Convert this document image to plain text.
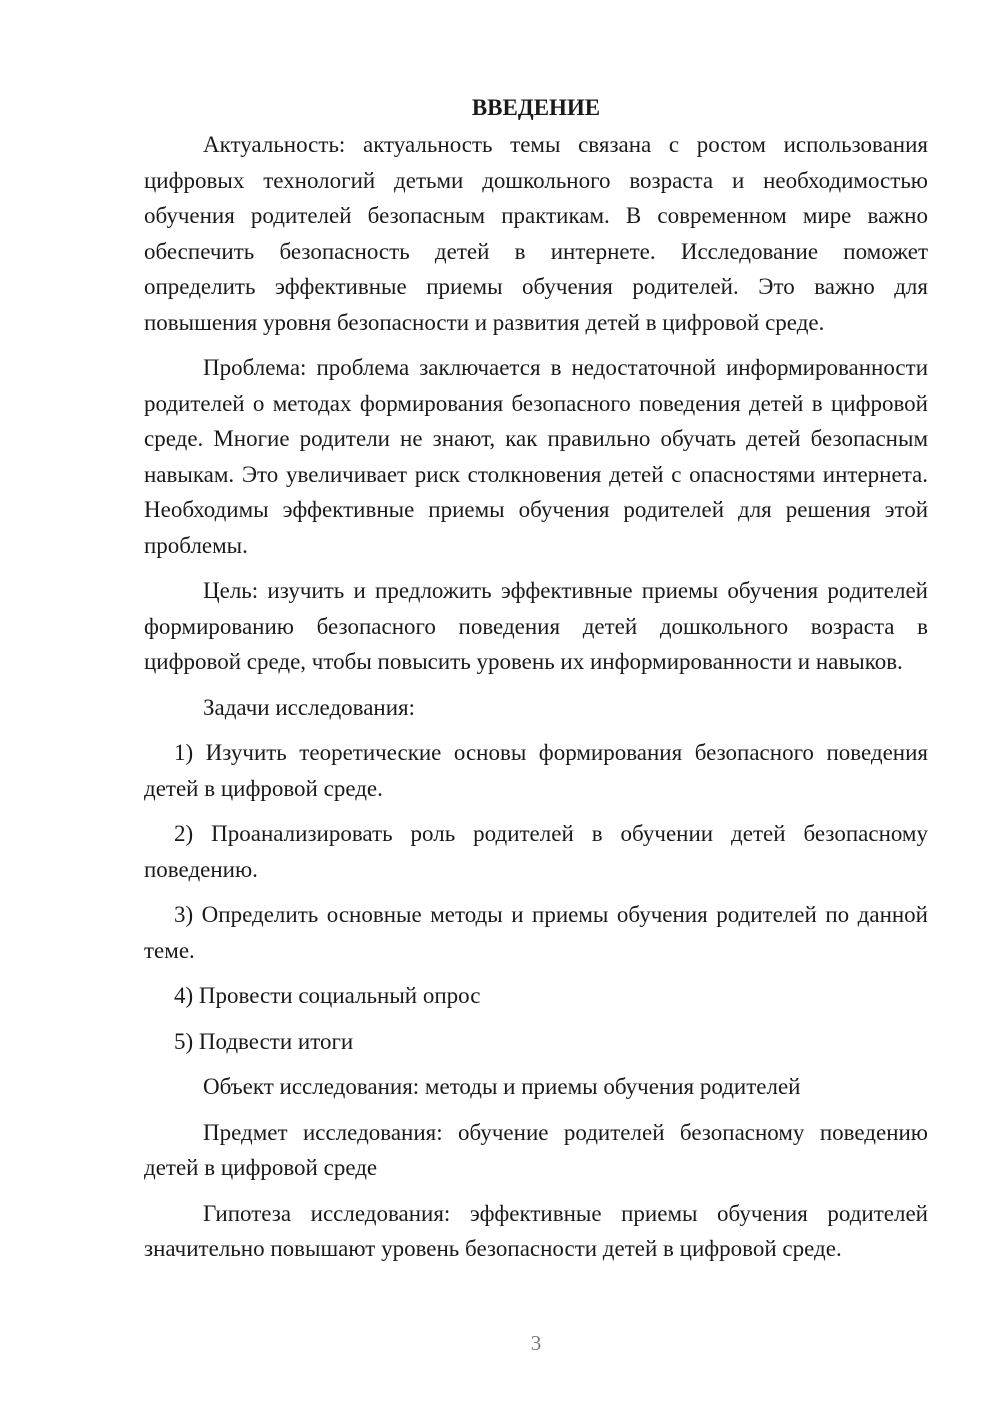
ВВЕДЕНИЕ

Актуальность: актуальность темы связана с ростом использования цифровых технологий детьми дошкольного возраста и необходимостью обучения родителей безопасным практикам. В современном мире важно обеспечить безопасность детей в интернете. Исследование поможет определить эффективные приемы обучения родителей. Это важно для повышения уровня безопасности и развития детей в цифровой среде.

Проблема: проблема заключается в недостаточной информированности родителей о методах формирования безопасного поведения детей в цифровой среде. Многие родители не знают, как правильно обучать детей безопасным навыкам. Это увеличивает риск столкновения детей с опасностями интернета. Необходимы эффективные приемы обучения родителей для решения этой проблемы.

Цель: изучить и предложить эффективные приемы обучения родителей формированию безопасного поведения детей дошкольного возраста в цифровой среде, чтобы повысить уровень их информированности и навыков.

Задачи исследования:

1) Изучить теоретические основы формирования безопасного поведения детей в цифровой среде.

2) Проанализировать роль родителей в обучении детей безопасному поведению.

3) Определить основные методы и приемы обучения родителей по данной теме.

4) Провести социальный опрос

5) Подвести итоги

Объект исследования: методы и приемы обучения родителей

Предмет исследования: обучение родителей безопасному поведению детей в цифровой среде

Гипотеза исследования: эффективные приемы обучения родителей значительно повышают уровень безопасности детей в цифровой среде.

3
